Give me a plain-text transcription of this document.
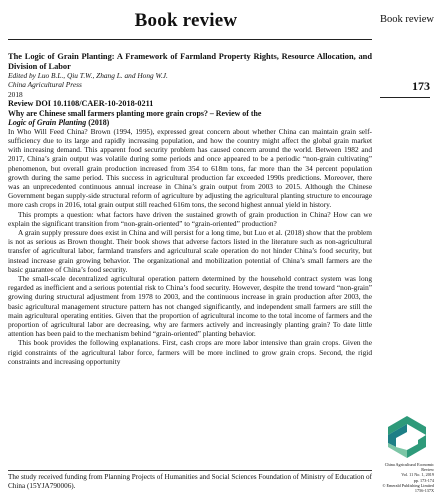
Book review	Book review
173

The Logic of Grain Planting: A Framework of Farmland Property Rights, Resource Allocation, and Division of Labor

Edited by Luo B.L., Qiu T.W., Zhang L. and Hong W.J.

China Agricultural Press

2018

Review DOI 10.1108/CAER-10-2018-0211

Why are Chinese small farmers planting more grain crops? – Review of the
Logic of Grain Planting (2018)

In Who Will Feed China? Brown (1994, 1995), expressed great concern about whether China can maintain grain self-sufficiency due to its large and rapidly increasing population, and how the country might affect the global grain market with increasing demand. This apparent food security problem has caused concern around the world. Between 1982 and 2017, China’s grain output was volatile during some periods and once appeared to be a periodic “non-grain cultivating” phenomenon, but overall grain production increased from 354 to 618m tons, far more than the 34 percent population growth during the same period. This success in agricultural production far exceeded 1990s predictions. Moreover, there was an unprecedented continuous annual increase in China’s grain output from 2003 to 2015. Although the Chinese Government began supply-side structural reform of agriculture by adjusting the agricultural planting structure to encourage more cash crops in 2016, total grain output still reached 616m tons, the second highest annual yield in history.

This prompts a question: what factors have driven the sustained growth of grain production in China? How can we explain the significant transition from “non-grain-oriented” to “grain-oriented” production?

A grain supply pressure does exist in China and will persist for a long time, but Luo et al. (2018) show that the problem is not as serious as Brown thought. Their book shows that adverse factors listed in the literature such as non-agricultural transfer of agricultural labor, farmland transfers and agricultural scale operation do not hinder China’s food security, but instead increase grain growing behavior. The organizational and mobilization potential of China’s small farmers are the basic guarantee of China’s food security.

The small-scale decentralized agricultural operation pattern determined by the household contract system was long regarded as inefficient and a serious potential risk to China’s food security. However, despite the trend toward “non-grain” growing during structural adjustment from 1978 to 2003, and the continuous increase in grain production after 2003, the basic agricultural management structure pattern has not changed significantly, and independent small farmers are still the main agricultural operating entities. Given that the proportion of agricultural income to the total income of farmers and the proportion of agricultural labor are decreasing, why are farmers actively and increasingly planting grain? To date little attention has been paid to the mechanism behind “grain-oriented” planting behavior.

This book provides the following explanations. First, cash crops are more labor intensive than grain crops. Given the rigid constraints of the agricultural labor force, farmers will be more inclined to grow grain crops. Second, the rigid constraints and increasing opportunity

The study received funding from Planning Projects of Humanities and Social Sciences Foundation of Ministry of Education of China (15YJA790006).
China Agricultural Economic
Review
Vol. 11 No. 1, 2019
pp. 173-174
© Emerald Publishing Limited
1756-137X
